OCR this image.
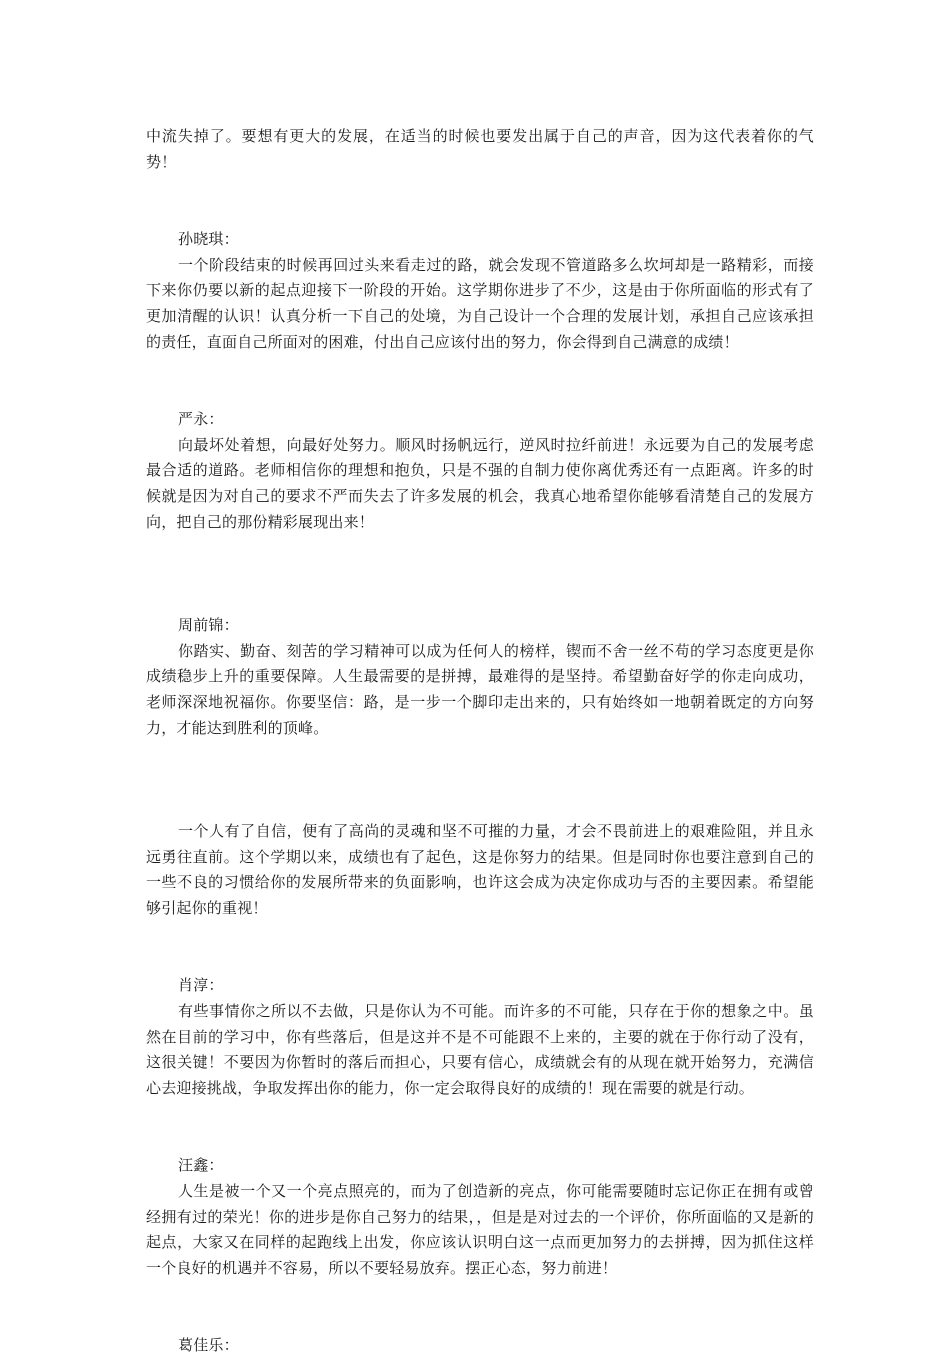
中流失掉了。要想有更大的发展，在适当的时候也要发出属于自己的声音，因为这代表着你的气势！

孙晓琪：

一个阶段结束的时候再回过头来看走过的路，就会发现不管道路多么坎坷却是一路精彩，而接下来你仍要以新的起点迎接下一阶段的开始。这学期你进步了不少，这是由于你所面临的形式有了更加清醒的认识！认真分析一下自己的处境，为自己设计一个合理的发展计划，承担自己应该承担的责任，直面自己所面对的困难，付出自己应该付出的努力，你会得到自己满意的成绩！

严永：

向最坏处着想，向最好处努力。顺风时扬帆远行，逆风时拉纤前进！永远要为自己的发展考虑最合适的道路。老师相信你的理想和抱负，只是不强的自制力使你离优秀还有一点距离。许多的时候就是因为对自己的要求不严而失去了许多发展的机会，我真心地希望你能够看清楚自己的发展方向，把自己的那份精彩展现出来！

周前锦：

你踏实、勤奋、刻苦的学习精神可以成为任何人的榜样，锲而不舍一丝不苟的学习态度更是你成绩稳步上升的重要保障。人生最需要的是拼搏，最难得的是坚持。希望勤奋好学的你走向成功，老师深深地祝福你。你要坚信：路，是一步一个脚印走出来的，只有始终如一地朝着既定的方向努力，才能达到胜利的顶峰。

一个人有了自信，便有了高尚的灵魂和坚不可摧的力量，才会不畏前进上的艰难险阻，并且永远勇往直前。这个学期以来，成绩也有了起色，这是你努力的结果。但是同时你也要注意到自己的一些不良的习惯给你的发展所带来的负面影响，也许这会成为决定你成功与否的主要因素。希望能够引起你的重视！

肖淳：

有些事情你之所以不去做，只是你认为不可能。而许多的不可能，只存在于你的想象之中。虽然在目前的学习中，你有些落后，但是这并不是不可能跟不上来的，主要的就在于你行动了没有，这很关键！不要因为你暂时的落后而担心，只要有信心，成绩就会有的从现在就开始努力，充满信心去迎接挑战，争取发挥出你的能力，你一定会取得良好的成绩的！现在需要的就是行动。

汪鑫：

人生是被一个又一个亮点照亮的，而为了创造新的亮点，你可能需要随时忘记你正在拥有或曾经拥有过的荣光！你的进步是你自己努力的结果，，但是是对过去的一个评价，你所面临的又是新的起点，大家又在同样的起跑线上出发，你应该认识明白这一点而更加努力的去拼搏，因为抓住这样一个良好的机遇并不容易，所以不要轻易放弃。摆正心态，努力前进！

葛佳乐：
